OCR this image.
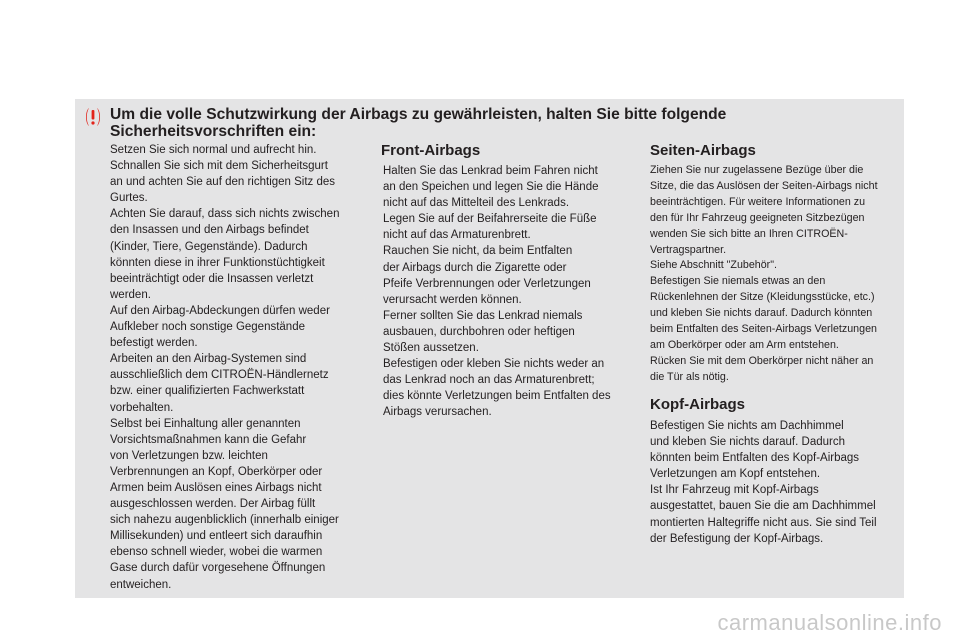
Um die volle Schutzwirkung der Airbags zu gewährleisten, halten Sie bitte folgende
Sicherheitsvorschriften ein:

Setzen Sie sich normal und aufrecht hin.
Schnallen Sie sich mit dem Sicherheitsgurt
an und achten Sie auf den richtigen Sitz des
Gurtes.
Achten Sie darauf, dass sich nichts zwischen
den Insassen und den Airbags befindet
(Kinder, Tiere, Gegenstände). Dadurch
könnten diese in ihrer Funktionstüchtigkeit
beeinträchtigt oder die Insassen verletzt
werden.
Auf den Airbag-Abdeckungen dürfen weder
Aufkleber noch sonstige Gegenstände
befestigt werden.
Arbeiten an den Airbag-Systemen sind
ausschließlich dem CITROËN-Händlernetz
bzw. einer qualifizierten Fachwerkstatt
vorbehalten.
Selbst bei Einhaltung aller genannten
Vorsichtsmaßnahmen kann die Gefahr
von Verletzungen bzw. leichten
Verbrennungen an Kopf, Oberkörper oder
Armen beim Auslösen eines Airbags nicht
ausgeschlossen werden. Der Airbag füllt
sich nahezu augenblicklich (innerhalb einiger
Millisekunden) und entleert sich daraufhin
ebenso schnell wieder, wobei die warmen
Gase durch dafür vorgesehene Öffnungen
entweichen.

Front-Airbags

Halten Sie das Lenkrad beim Fahren nicht
an den Speichen und legen Sie die Hände
nicht auf das Mittelteil des Lenkrads.
Legen Sie auf der Beifahrerseite die Füße
nicht auf das Armaturenbrett.
Rauchen Sie nicht, da beim Entfalten
der Airbags durch die Zigarette oder
Pfeife Verbrennungen oder Verletzungen
verursacht werden können.
Ferner sollten Sie das Lenkrad niemals
ausbauen, durchbohren oder heftigen
Stößen aussetzen.
Befestigen oder kleben Sie nichts weder an
das Lenkrad noch an das Armaturenbrett;
dies könnte Verletzungen beim Entfalten des
Airbags verursachen.

Seiten-Airbags

Ziehen Sie nur zugelassene Bezüge über die
Sitze, die das Auslösen der Seiten-Airbags nicht
beeinträchtigen. Für weitere Informationen zu
den für Ihr Fahrzeug geeigneten Sitzbezügen
wenden Sie sich bitte an Ihren CITROËN-
Vertragspartner.
Siehe Abschnitt "Zubehör".
Befestigen Sie niemals etwas an den
Rückenlehnen der Sitze (Kleidungsstücke, etc.)
und kleben Sie nichts darauf. Dadurch könnten
beim Entfalten des Seiten-Airbags Verletzungen
am Oberkörper oder am Arm entstehen.
Rücken Sie mit dem Oberkörper nicht näher an
die Tür als nötig.

Kopf-Airbags

Befestigen Sie nichts am Dachhimmel
und kleben Sie nichts darauf. Dadurch
könnten beim Entfalten des Kopf-Airbags
Verletzungen am Kopf entstehen.
Ist Ihr Fahrzeug mit Kopf-Airbags
ausgestattet, bauen Sie die am Dachhimmel
montierten Haltegriffe nicht aus. Sie sind Teil
der Befestigung der Kopf-Airbags.

carmanualsonline.info
